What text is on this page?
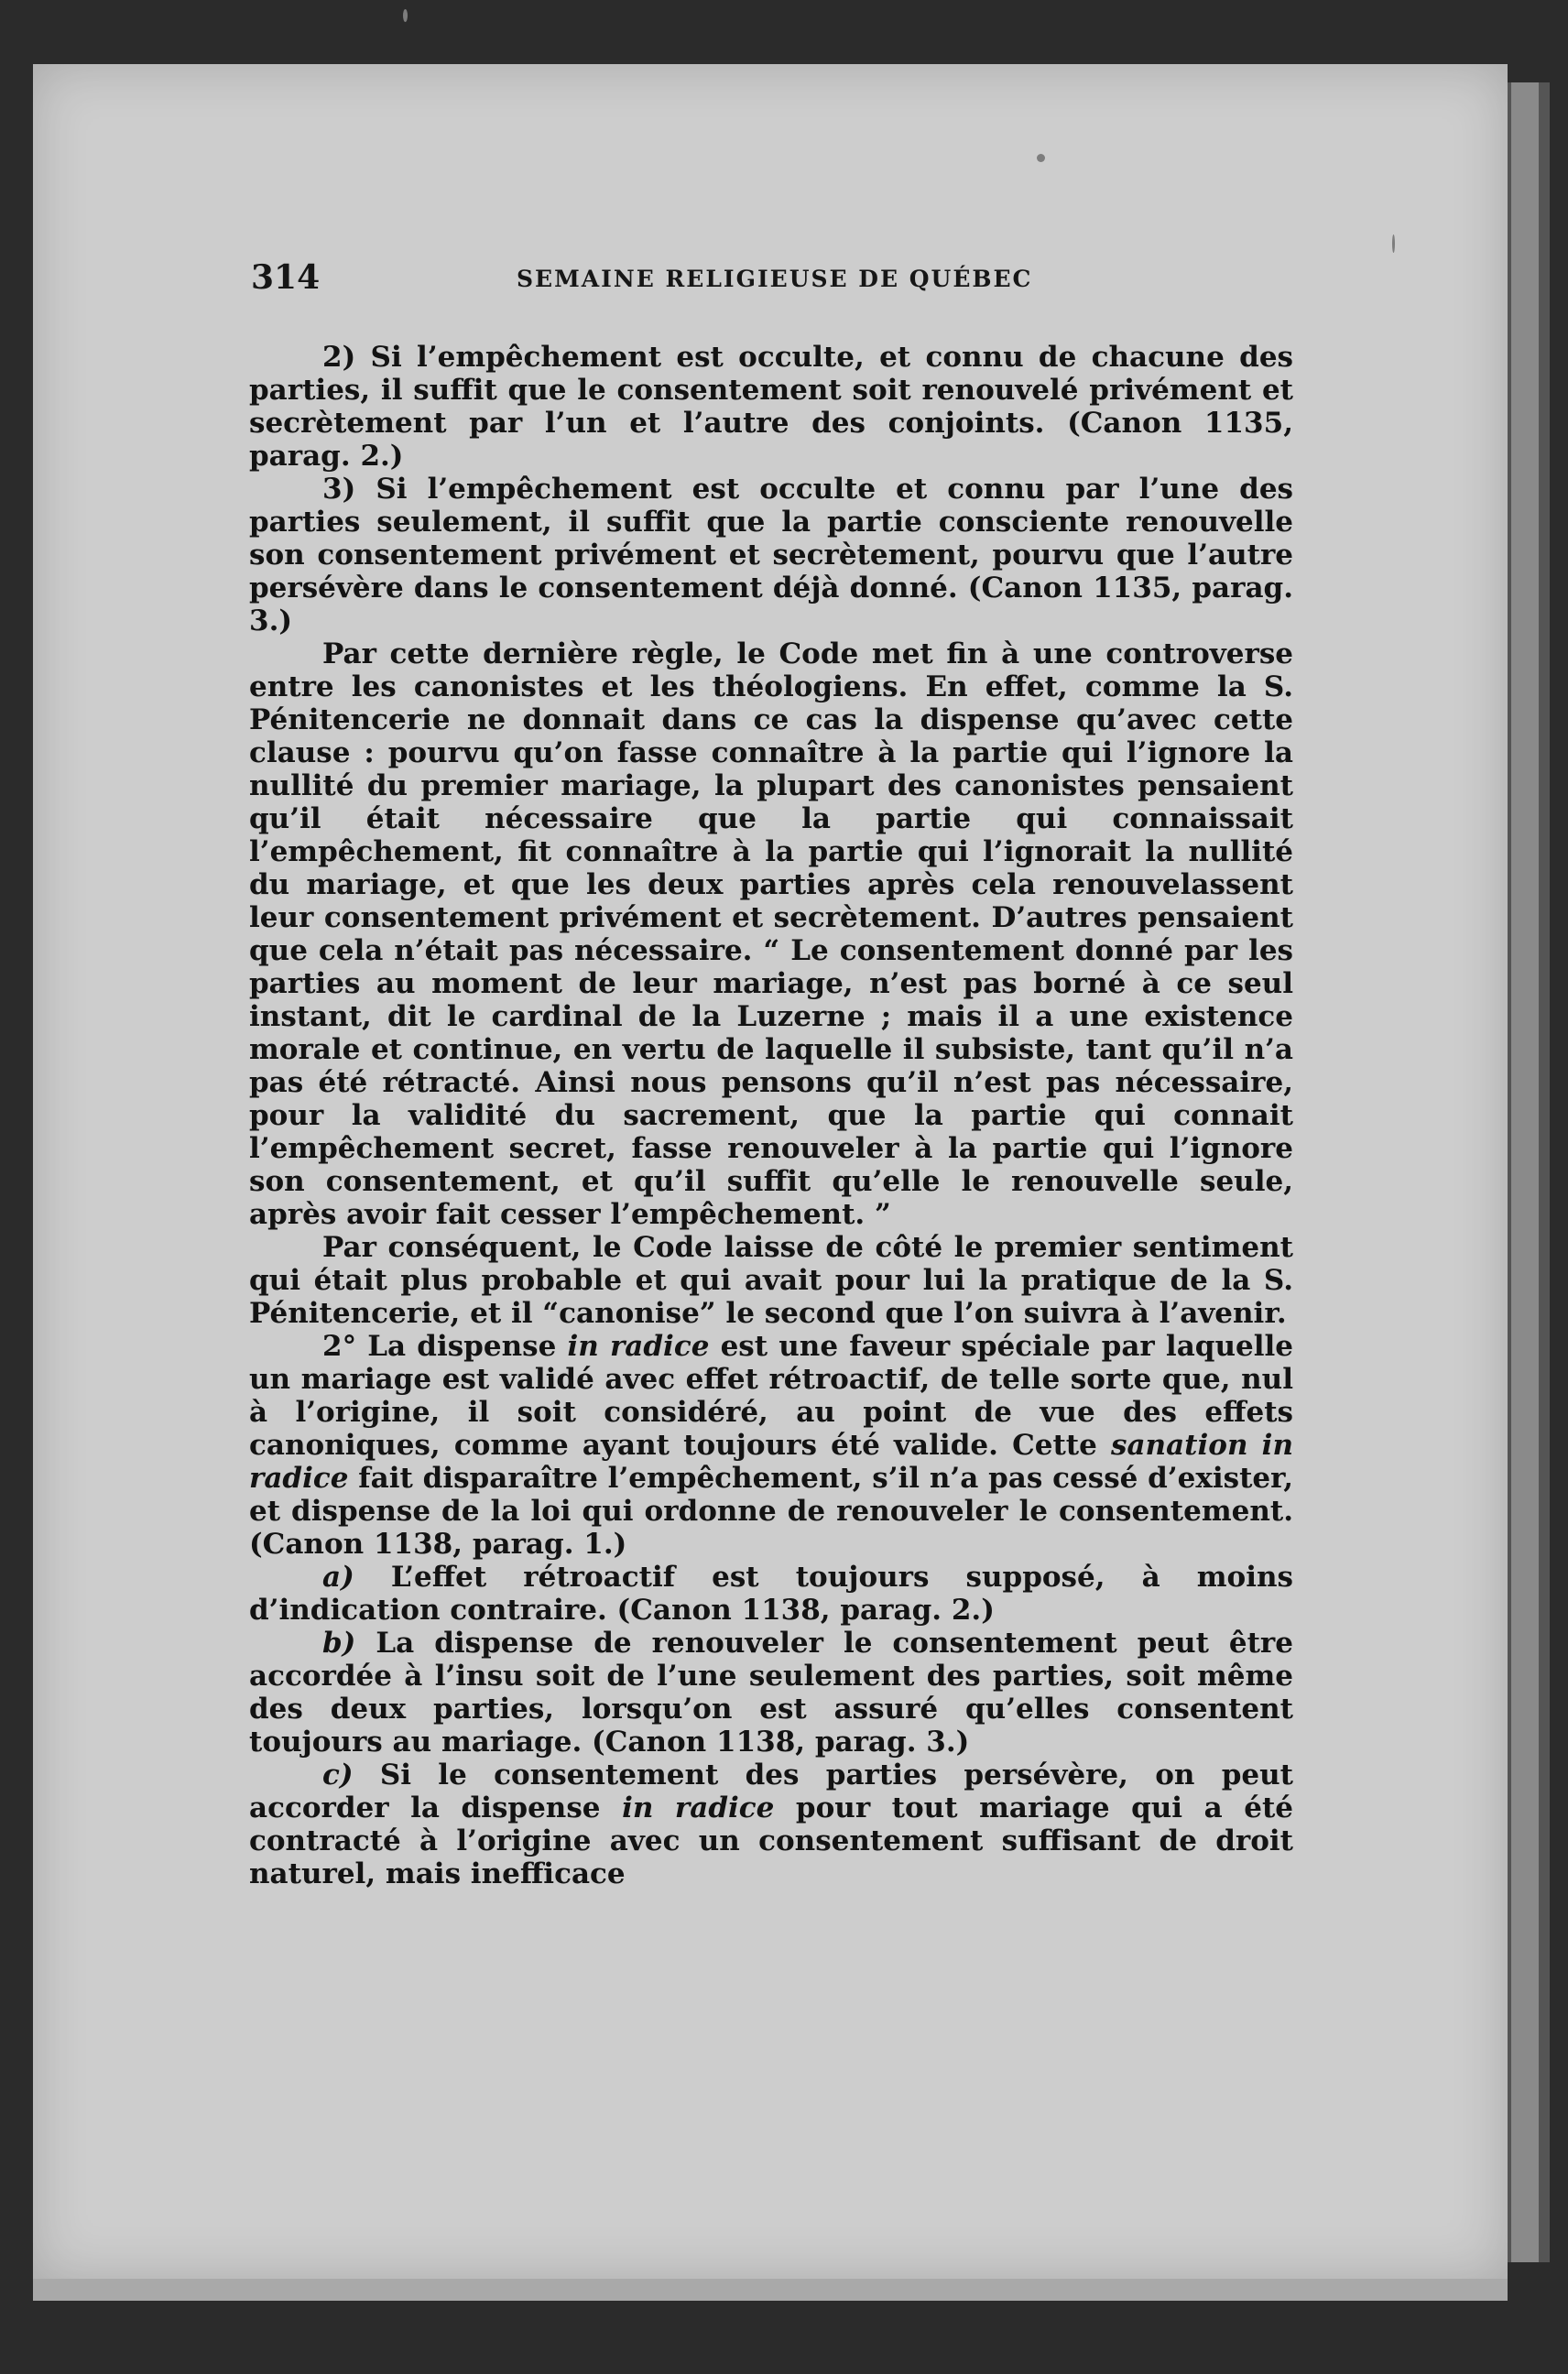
314	SEMAINE RELIGIEUSE DE QUÉBEC

2) Si l’empêchement est occulte, et connu de chacune des parties, il suffit que le consentement soit renouvelé privément et secrètement par l’un et l’autre des conjoints. (Canon 1135, parag. 2.)

3) Si l’empêchement est occulte et connu par l’une des parties seulement, il suffit que la partie consciente renouvelle son consentement privément et secrètement, pourvu que l’autre persévère dans le consentement déjà donné. (Canon 1135, parag. 3.)

Par cette dernière règle, le Code met fin à une controverse entre les canonistes et les théologiens. En effet, comme la S. Pénitencerie ne donnait dans ce cas la dispense qu’avec cette clause : pourvu qu’on fasse connaître à la partie qui l’ignore la nullité du premier mariage, la plupart des canonistes pensaient qu’il était nécessaire que la partie qui connaissait l’empêchement, fit connaître à la partie qui l’ignorait la nullité du mariage, et que les deux parties après cela renouvelassent leur consentement privément et secrètement. D’autres pensaient que cela n’était pas nécessaire. “ Le consentement donné par les parties au moment de leur mariage, n’est pas borné à ce seul instant, dit le cardinal de la Luzerne ; mais il a une existence morale et continue, en vertu de laquelle il subsiste, tant qu’il n’a pas été rétracté. Ainsi nous pensons qu’il n’est pas nécessaire, pour la validité du sacrement, que la partie qui connait l’empêchement secret, fasse renouveler à la partie qui l’ignore son consentement, et qu’il suffit qu’elle le renouvelle seule, après avoir fait cesser l’empêchement. ”

Par conséquent, le Code laisse de côté le premier sentiment qui était plus probable et qui avait pour lui la pratique de la S. Pénitencerie, et il “canonise” le second que l’on suivra à l’avenir.

2° La dispense in radice est une faveur spéciale par laquelle un mariage est validé avec effet rétroactif, de telle sorte que, nul à l’origine, il soit considéré, au point de vue des effets canoniques, comme ayant toujours été valide. Cette sanation in radice fait disparaître l’empêchement, s’il n’a pas cessé d’exister, et dispense de la loi qui ordonne de renouveler le consentement. (Canon 1138, parag. 1.)

a) L’effet rétroactif est toujours supposé, à moins d’indication contraire. (Canon 1138, parag. 2.)

b) La dispense de renouveler le consentement peut être accordée à l’insu soit de l’une seulement des parties, soit même des deux parties, lorsqu’on est assuré qu’elles consentent toujours au mariage. (Canon 1138, parag. 3.)

c) Si le consentement des parties persévère, on peut accorder la dispense in radice pour tout mariage qui a été contracté à l’origine avec un consentement suffisant de droit naturel, mais inefficace
